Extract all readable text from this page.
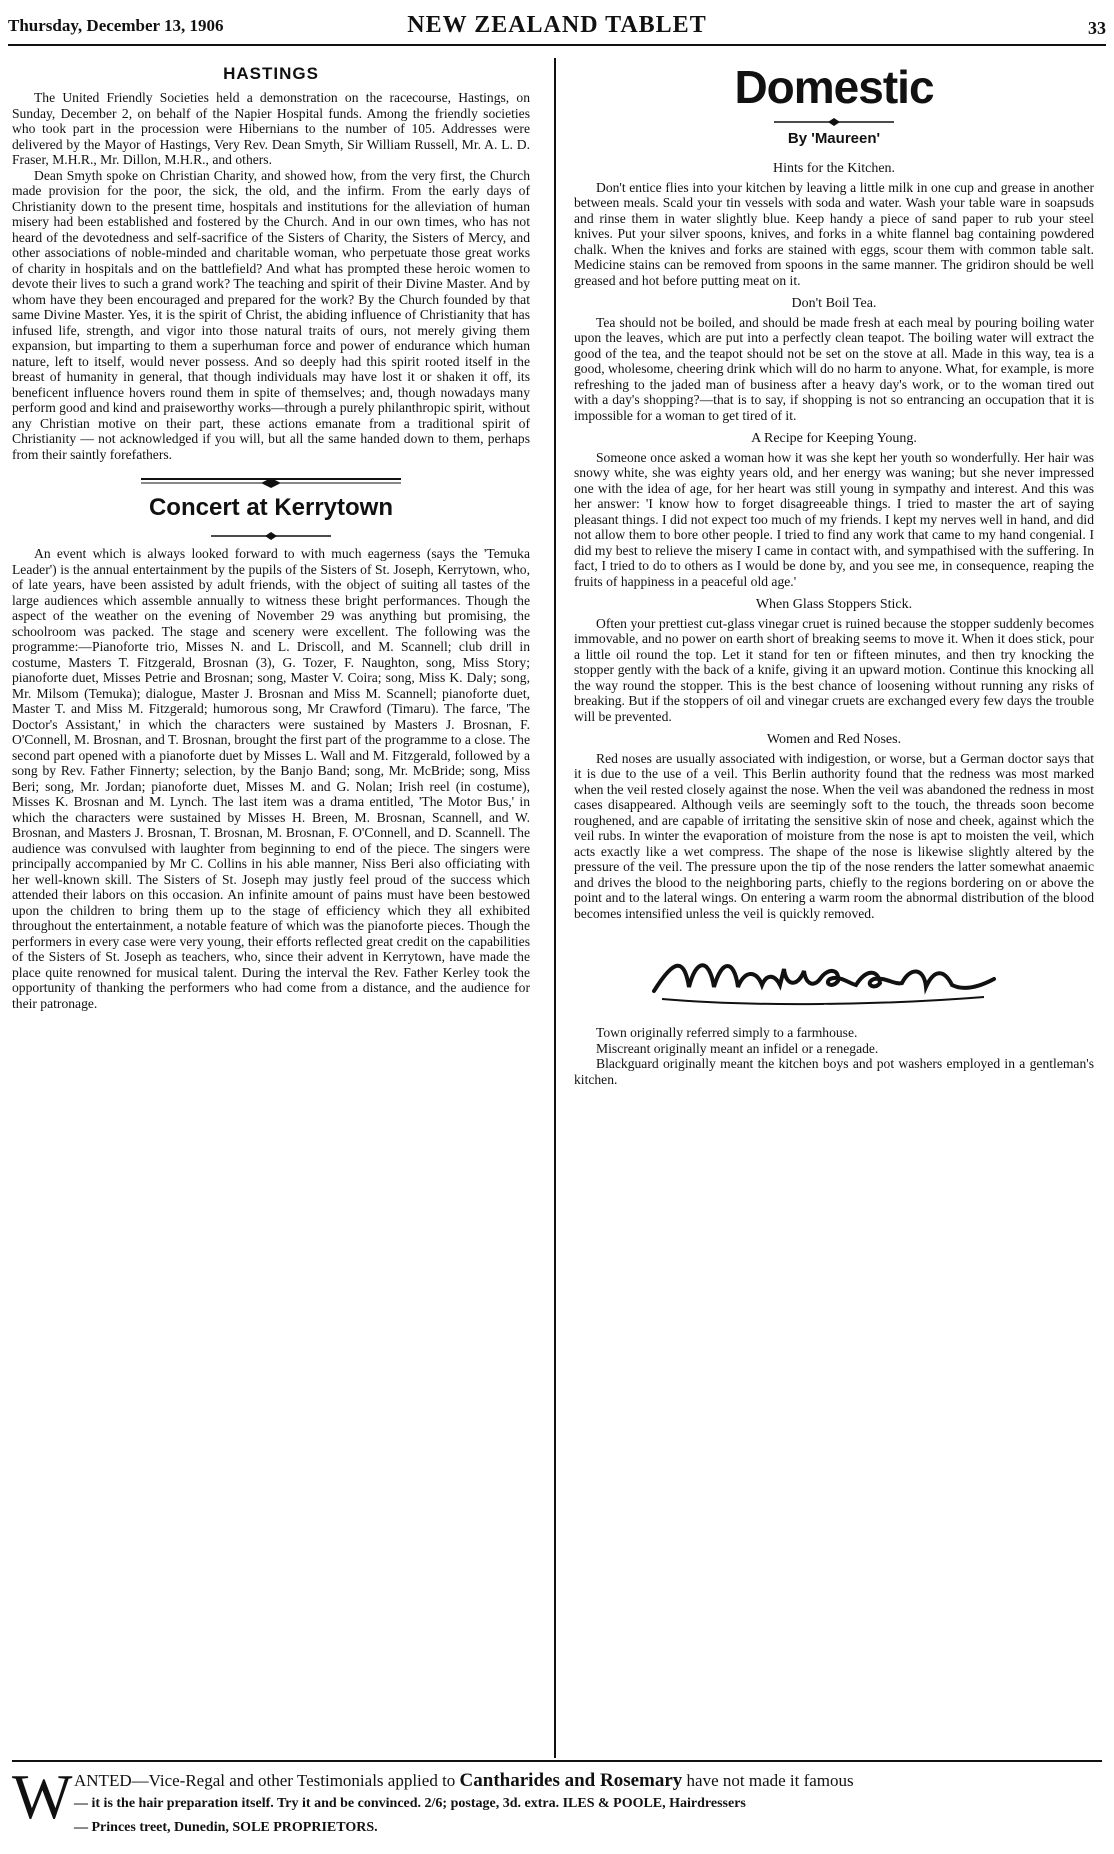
Thursday, December 13, 1906	NEW ZEALAND TABLET	33
HASTINGS

The United Friendly Societies held a demonstration on the racecourse, Hastings, on Sunday, December 2, on behalf of the Napier Hospital funds. Among the friendly societies who took part in the procession were Hibernians to the number of 105. Addresses were delivered by the Mayor of Hastings, Very Rev. Dean Smyth, Sir William Russell, Mr. A. L. D. Fraser, M.H.R., Mr. Dillon, M.H.R., and others.

Dean Smyth spoke on Christian Charity, and showed how, from the very first, the Church made provision for the poor, the sick, the old, and the infirm. From the early days of Christianity down to the present time, hospitals and institutions for the alleviation of human misery had been established and fostered by the Church. And in our own times, who has not heard of the devotedness and self-sacrifice of the Sisters of Charity, the Sisters of Mercy, and other associations of noble-minded and charitable woman, who perpetuate those great works of charity in hospitals and on the battlefield? And what has prompted these heroic women to devote their lives to such a grand work? The teaching and spirit of their Divine Master. And by whom have they been encouraged and prepared for the work? By the Church founded by that same Divine Master. Yes, it is the spirit of Christ, the abiding influence of Christianity that has infused life, strength, and vigor into those natural traits of ours, not merely giving them expansion, but imparting to them a superhuman force and power of endurance which human nature, left to itself, would never possess. And so deeply had this spirit rooted itself in the breast of humanity in general, that though individuals may have lost it or shaken it off, its beneficent influence hovers round them in spite of themselves; and, though nowadays many perform good and kind and praiseworthy works—through a purely philanthropic spirit, without any Christian motive on their part, these actions emanate from a traditional spirit of Christianity — not acknowledged if you will, but all the same handed down to them, perhaps from their saintly forefathers.

Concert at Kerrytown

An event which is always looked forward to with much eagerness (says the 'Temuka Leader') is the annual entertainment by the pupils of the Sisters of St. Joseph, Kerrytown, who, of late years, have been assisted by adult friends, with the object of suiting all tastes of the large audiences which assemble annually to witness these bright performances. Though the aspect of the weather on the evening of November 29 was anything but promising, the schoolroom was packed. The stage and scenery were excellent. The following was the programme:—Pianoforte trio, Misses N. and L. Driscoll, and M. Scannell; club drill in costume, Masters T. Fitzgerald, Brosnan (3), G. Tozer, F. Naughton, song, Miss Story; pianoforte duet, Misses Petrie and Brosnan; song, Master V. Coira; song, Miss K. Daly; song, Mr. Milsom (Temuka); dialogue, Master J. Brosnan and Miss M. Scannell; pianoforte duet, Master T. and Miss M. Fitzgerald; humorous song, Mr Crawford (Timaru). The farce, 'The Doctor's Assistant,' in which the characters were sustained by Masters J. Brosnan, F. O'Connell, M. Brosnan, and T. Brosnan, brought the first part of the programme to a close. The second part opened with a pianoforte duet by Misses L. Wall and M. Fitzgerald, followed by a song by Rev. Father Finnerty; selection, by the Banjo Band; song, Mr. McBride; song, Miss Beri; song, Mr. Jordan; pianoforte duet, Misses M. and G. Nolan; Irish reel (in costume), Misses K. Brosnan and M. Lynch. The last item was a drama entitled, 'The Motor Bus,' in which the characters were sustained by Misses H. Breen, M. Brosnan, Scannell, and W. Brosnan, and Masters J. Brosnan, T. Brosnan, M. Brosnan, F. O'Connell, and D. Scannell. The audience was convulsed with laughter from beginning to end of the piece. The singers were principally accompanied by Mr C. Collins in his able manner, Niss Beri also officiating with her well-known skill. The Sisters of St. Joseph may justly feel proud of the success which attended their labors on this occasion. An infinite amount of pains must have been bestowed upon the children to bring them up to the stage of efficiency which they all exhibited throughout the entertainment, a notable feature of which was the pianoforte pieces. Though the performers in every case were very young, their efforts reflected great credit on the capabilities of the Sisters of St. Joseph as teachers, who, since their advent in Kerrytown, have made the place quite renowned for musical talent. During the interval the Rev. Father Kerley took the opportunity of thanking the performers who had come from a distance, and the audience for their patronage.

Domestic
By 'Maureen'
Hints for the Kitchen.

Don't entice flies into your kitchen by leaving a little milk in one cup and grease in another between meals. Scald your tin vessels with soda and water. Wash your table ware in soapsuds and rinse them in water slightly blue. Keep handy a piece of sand paper to rub your steel knives. Put your silver spoons, knives, and forks in a white flannel bag containing powdered chalk. When the knives and forks are stained with eggs, scour them with common table salt. Medicine stains can be removed from spoons in the same manner. The gridiron should be well greased and hot before putting meat on it.

Don't Boil Tea.

Tea should not be boiled, and should be made fresh at each meal by pouring boiling water upon the leaves, which are put into a perfectly clean teapot. The boiling water will extract the good of the tea, and the teapot should not be set on the stove at all. Made in this way, tea is a good, wholesome, cheering drink which will do no harm to anyone. What, for example, is more refreshing to the jaded man of business after a heavy day's work, or to the woman tired out with a day's shopping?—that is to say, if shopping is not so entrancing an occupation that it is impossible for a woman to get tired of it.

A Recipe for Keeping Young.

Someone once asked a woman how it was she kept her youth so wonderfully. Her hair was snowy white, she was eighty years old, and her energy was waning; but she never impressed one with the idea of age, for her heart was still young in sympathy and interest. And this was her answer: 'I know how to forget disagreeable things. I tried to master the art of saying pleasant things. I did not expect too much of my friends. I kept my nerves well in hand, and did not allow them to bore other people. I tried to find any work that came to my hand congenial. I did my best to relieve the misery I came in contact with, and sympathised with the suffering. In fact, I tried to do to others as I would be done by, and you see me, in consequence, reaping the fruits of happiness in a peaceful old age.'

When Glass Stoppers Stick.

Often your prettiest cut-glass vinegar cruet is ruined because the stopper suddenly becomes immovable, and no power on earth short of breaking seems to move it. When it does stick, pour a little oil round the top. Let it stand for ten or fifteen minutes, and then try knocking the stopper gently with the back of a knife, giving it an upward motion. Continue this knocking all the way round the stopper. This is the best chance of loosening without running any risks of breaking. But if the stoppers of oil and vinegar cruets are exchanged every few days the trouble will be prevented.

Women and Red Noses.

Red noses are usually associated with indigestion, or worse, but a German doctor says that it is due to the use of a veil. This Berlin authority found that the redness was most marked when the veil rested closely against the nose. When the veil was abandoned the redness in most cases disappeared. Although veils are seemingly soft to the touch, the threads soon become roughened, and are capable of irritating the sensitive skin of nose and cheek, against which the veil rubs. In winter the evaporation of moisture from the nose is apt to moisten the veil, which acts exactly like a wet compress. The shape of the nose is likewise slightly altered by the pressure of the veil. The pressure upon the tip of the nose renders the latter somewhat anaemic and drives the blood to the neighboring parts, chiefly to the regions bordering on or above the point and to the lateral wings. On entering a warm room the abnormal distribution of the blood becomes intensified unless the veil is quickly removed.

Maureen

Town originally referred simply to a farmhouse.

Miscreant originally meant an infidel or a renegade.

Blackguard originally meant the kitchen boys and pot washers employed in a gentleman's kitchen.

W ANTED—Vice-Regal and other Testimonials applied to Cantharides and Rosemary have not made it famous
— it is the hair preparation itself. Try it and be convinced. 2/6; postage, 3d. extra. ILES & POOLE, Hairdressers
— Princes treet, Dunedin, SOLE PROPRIETORS.
